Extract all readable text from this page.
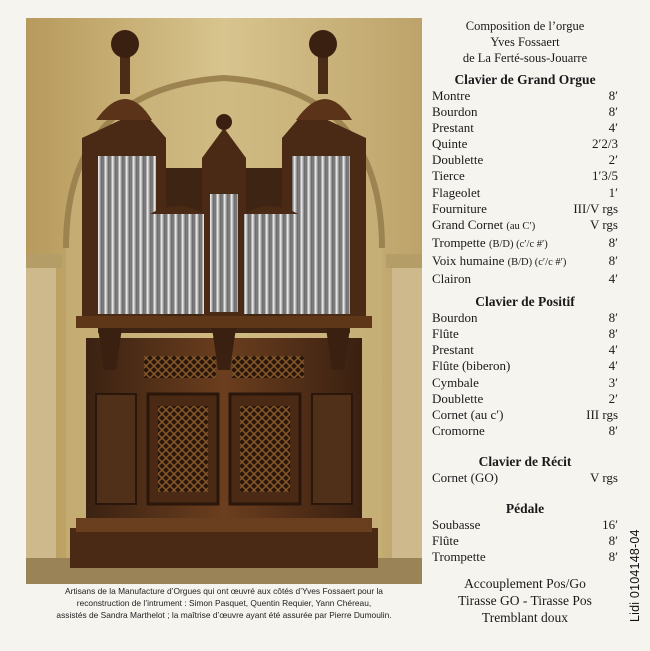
Artisans de la Manufacture d’Orgues qui ont œuvré aux côtés d’Yves Fossaert pour la
reconstruction de l’intrument : Simon Pasquet, Quentin Requier, Yann Chéreau,
assistés de Sandra Marthelot ; la maîtrise d’œuvre ayant été assurée par Pierre Dumoulin.
Composition de l’orgue
Yves Fossaert
de La Ferté-sous-Jouarre
Clavier de Grand Orgue
Montre	8′
Bourdon	8′
Prestant	4′
Quinte	2′2/3
Doublette	2′
Tierce	1′3/5
Flageolet	1′
Fourniture	III/V rgs
Grand Cornet (au C′)	V rgs
Trompette (B/D) (c′/c #′)	8′
Voix humaine (B/D) (c′/c #′)	8′
Clairon	4′
Clavier de Positif
Bourdon	8′
Flûte	8′
Prestant	4′
Flûte (biberon)	4′
Cymbale	3′
Doublette	2′
Cornet (au c′)	III rgs
Cromorne	8′
Clavier de Récit
Cornet (GO)	V rgs
Pédale
Soubasse	16′
Flûte	8′
Trompette	8′
Accouplement Pos/Go
Tirasse GO - Tirasse Pos
Tremblant doux	Lidi 0104148-04
